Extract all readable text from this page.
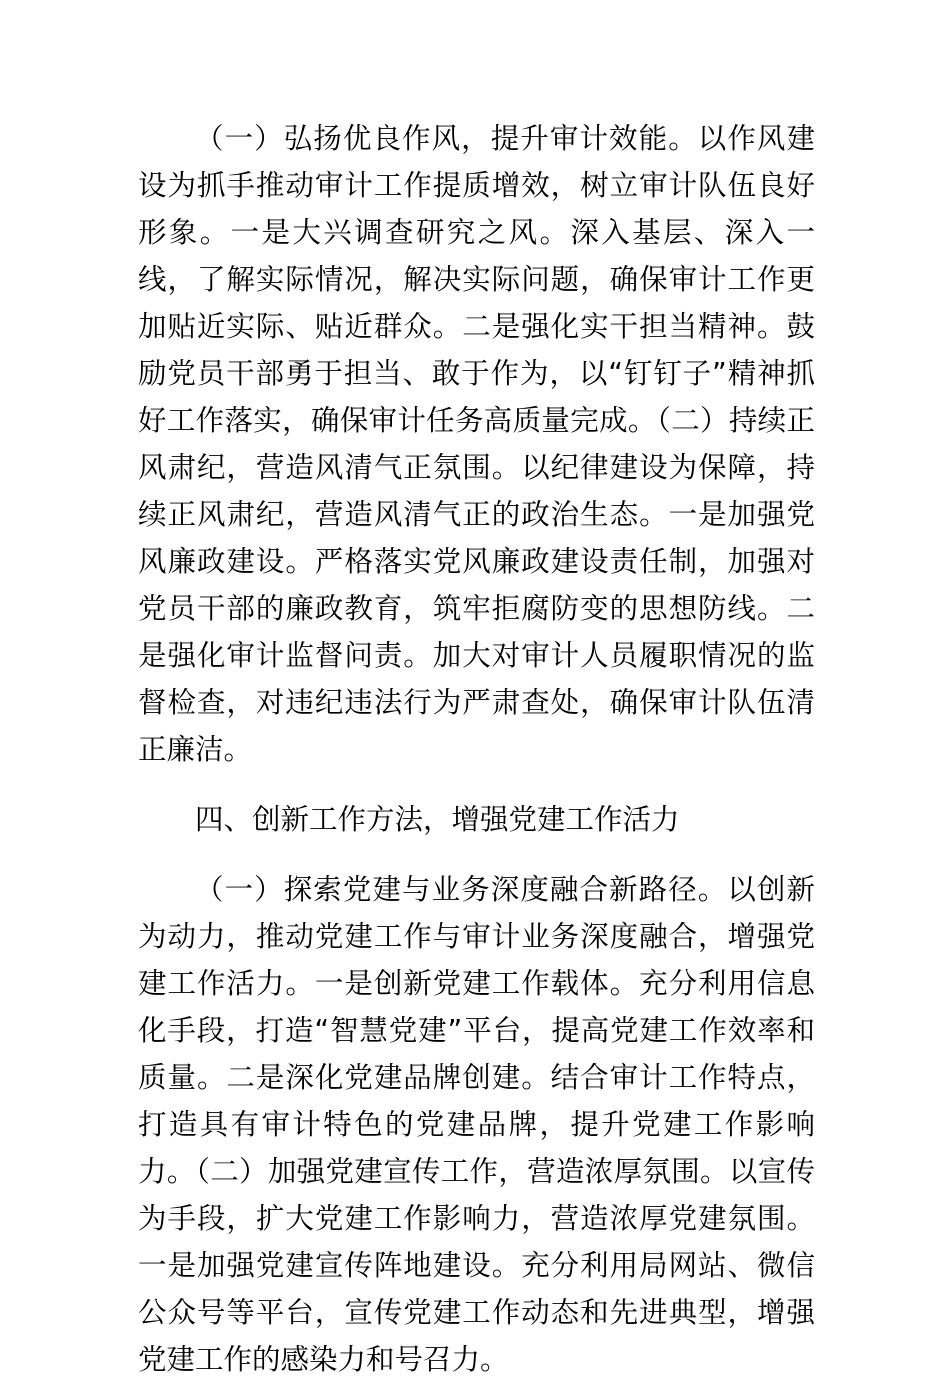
（一）弘扬优良作风，提升审计效能。以作风建设为抓手推动审计工作提质增效，树立审计队伍良好形象。一是大兴调查研究之风。深入基层、深入一线，了解实际情况，解决实际问题，确保审计工作更加贴近实际、贴近群众。二是强化实干担当精神。鼓励党员干部勇于担当、敢于作为，以“钉钉子”精神抓好工作落实，确保审计任务高质量完成。（二）持续正风肃纪，营造风清气正氛围。以纪律建设为保障，持续正风肃纪，营造风清气正的政治生态。一是加强党风廉政建设。严格落实党风廉政建设责任制，加强对党员干部的廉政教育，筑牢拒腐防变的思想防线。二是强化审计监督问责。加大对审计人员履职情况的监督检查，对违纪违法行为严肃查处，确保审计队伍清正廉洁。

四、创新工作方法，增强党建工作活力

（一）探索党建与业务深度融合新路径。以创新为动力，推动党建工作与审计业务深度融合，增强党建工作活力。一是创新党建工作载体。充分利用信息化手段，打造“智慧党建”平台，提高党建工作效率和质量。二是深化党建品牌创建。结合审计工作特点，打造具有审计特色的党建品牌，提升党建工作影响力。（二）加强党建宣传工作，营造浓厚氛围。以宣传为手段，扩大党建工作影响力，营造浓厚党建氛围。一是加强党建宣传阵地建设。充分利用局网站、微信公众号等平台，宣传党建工作动态和先进典型，增强党建工作的感染力和号召力。
